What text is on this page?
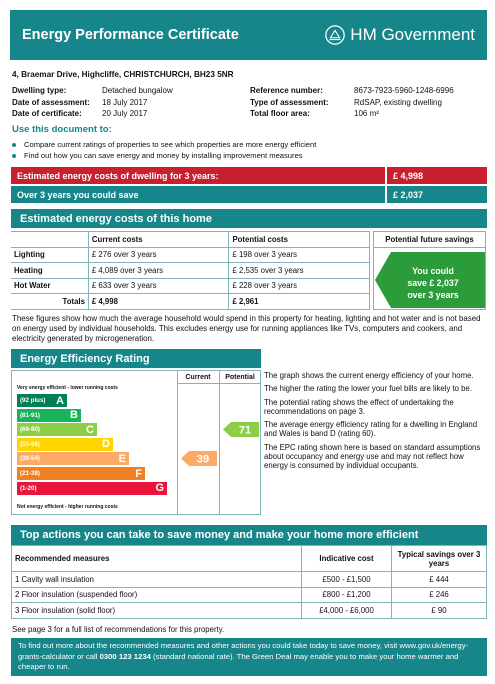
Energy Performance Certificate	HM Government
4, Braemar Drive, Highcliffe, CHRISTCHURCH, BH23 5NR
Dwelling type:	Detached bungalow
Date of assessment:	18 July 2017
Date of certificate:	20 July 2017
Reference number:	8673-7923-5960-1248-6996
Type of assessment:	RdSAP, existing dwelling
Total floor area:	106 m²
Use this document to:
Compare current ratings of properties to see which properties are more energy efficient
Find out how you can save energy and money by installing improvement measures
Estimated energy costs of dwelling for 3 years:	£ 4,998
Over 3 years you could save	£ 2,037
Estimated energy costs of this home
	Current costs	Potential costs
Lighting	£ 276 over 3 years	£ 198 over 3 years
Heating	£ 4,089 over 3 years	£ 2,535 over 3 years
Hot Water	£ 633 over 3 years	£ 228 over 3 years
Totals	£ 4,998	£ 2,961
Potential future savings
You could
save £ 2,037
over 3 years
These figures show how much the average household would spend in this property for heating, lighting and hot water and is not based on energy used by individual households. This excludes energy use for running appliances like TVs, computers and cookers, and electricity generated by microgeneration.
Energy Efficiency Rating
Current	Potential
Very energy efficient - lower running costs
(92 plus) A
(81-91)	B
(69-80)	C
(55-68)	D
(39-54)	E
(21-38)	F
(1-20)	G
Not energy efficient - higher running costs
39
71

The graph shows the current energy efficiency of your home.

The higher the rating the lower your fuel bills are likely to be.

The potential rating shows the effect of undertaking the recommendations on page 3.

The average energy efficiency rating for a dwelling in England and Wales is band D (rating 60).

The EPC rating shown here is based on standard assumptions about occupancy and energy use and may not reflect how energy is consumed by individual occupants.

Top actions you can take to save money and make your home more efficient
Recommended measures	Indicative cost	Typical savings over 3 years
1 Cavity wall insulation	£500 - £1,500	£ 444
2 Floor insulation (suspended floor)	£800 - £1,200	£ 246
3 Floor insulation (solid floor)	£4,000 - £6,000	£ 90
See page 3 for a full list of recommendations for this property.
To find out more about the recommended measures and other actions you could take today to save money, visit www.gov.uk/energy-grants-calculator or call 0300 123 1234 (standard national rate). The Green Deal may enable you to make your home warmer and cheaper to run.
